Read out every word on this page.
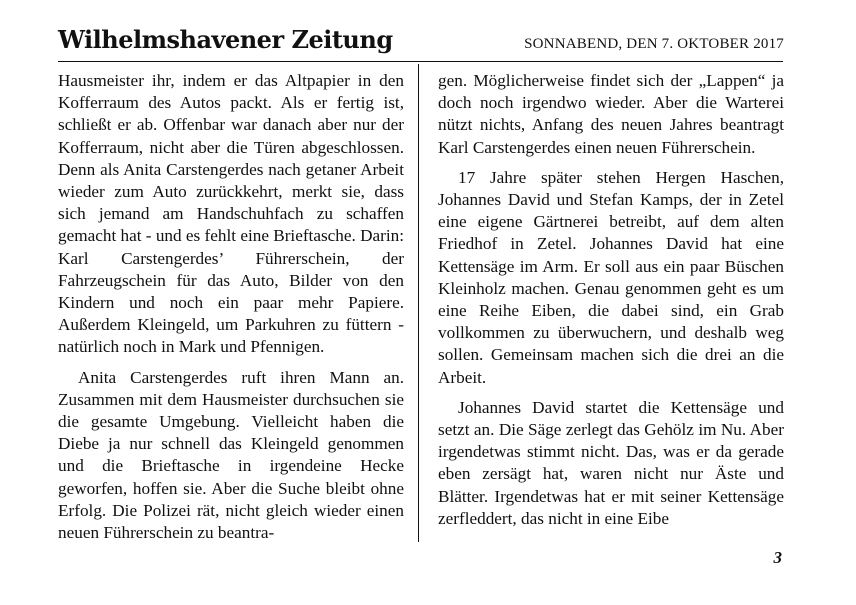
Wilhelmshavener Zeitung	SONNABEND, DEN 7. OKTOBER 2017

Hausmeister ihr, indem er das Altpapier in den Kofferraum des Autos packt. Als er fertig ist, schließt er ab. Offenbar war danach aber nur der Kofferraum, nicht aber die Türen abgeschlossen. Denn als Anita Carstengerdes nach getaner Arbeit wieder zum Auto zurückkehrt, merkt sie, dass sich jemand am Handschuhfach zu schaffen gemacht hat - und es fehlt eine Brieftasche. Darin: Karl Carstengerdes’ Führerschein, der Fahrzeugschein für das Auto, Bilder von den Kindern und noch ein paar mehr Papiere. Außerdem Kleingeld, um Parkuhren zu füttern - natürlich noch in Mark und Pfennigen.

Anita Carstengerdes ruft ihren Mann an. Zusammen mit dem Hausmeister durchsuchen sie die gesamte Umgebung. Vielleicht haben die Diebe ja nur schnell das Kleingeld genommen und die Brieftasche in irgendeine Hecke geworfen, hoffen sie. Aber die Suche bleibt ohne Erfolg. Die Polizei rät, nicht gleich wieder einen neuen Führerschein zu beantra-

gen. Möglicherweise findet sich der „Lappen“ ja doch noch irgendwo wieder. Aber die Warterei nützt nichts, Anfang des neuen Jahres beantragt Karl Carstengerdes einen neuen Führerschein.

17 Jahre später stehen Hergen Haschen, Johannes David und Stefan Kamps, der in Zetel eine eigene Gärtnerei betreibt, auf dem alten Friedhof in Zetel. Johannes David hat eine Kettensäge im Arm. Er soll aus ein paar Büschen Kleinholz machen. Genau genommen geht es um eine Reihe Eiben, die dabei sind, ein Grab vollkommen zu überwuchern, und deshalb weg sollen. Gemeinsam machen sich die drei an die Arbeit.

Johannes David startet die Kettensäge und setzt an. Die Säge zerlegt das Gehölz im Nu. Aber irgendetwas stimmt nicht. Das, was er da gerade eben zersägt hat, waren nicht nur Äste und Blätter. Irgendetwas hat er mit seiner Kettensäge zerfleddert, das nicht in eine Eibe

3
